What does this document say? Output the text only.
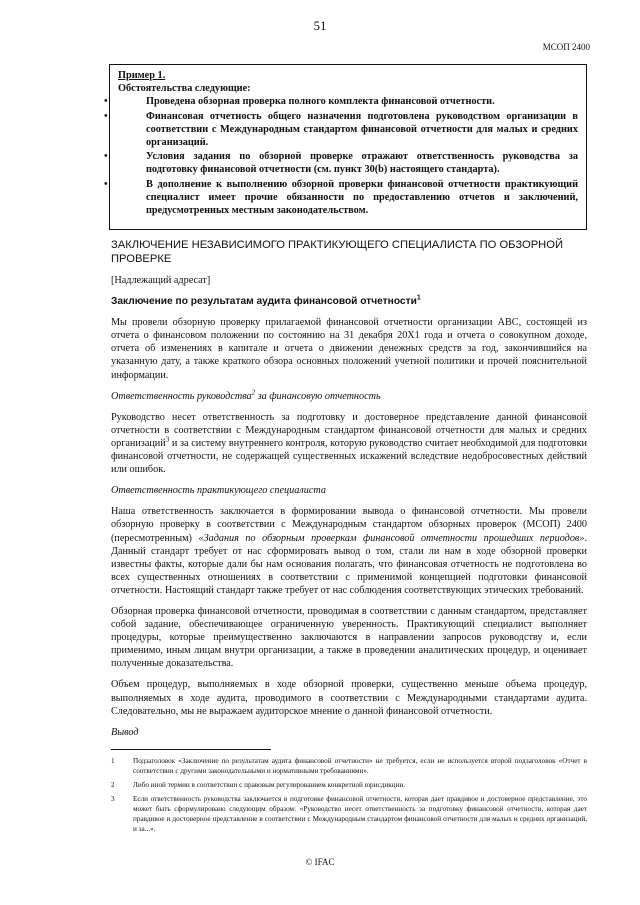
51
МСОП 2400
Пример 1.
Обстоятельства следующие:
•	Проведена обзорная проверка полного комплекта финансовой отчетности.
•	Финансовая отчетность общего назначения подготовлена руководством организации в соответствии с Международным стандартом финансовой отчетности для малых и средних организаций.
•	Условия задания по обзорной проверке отражают ответственность руководства за подготовку финансовой отчетности (см. пункт 30(b) настоящего стандарта).
•	В дополнение к выполнению обзорной проверки финансовой отчетности практикующий специалист имеет прочие обязанности по предоставлению отчетов и заключений, предусмотренных местным законодательством.
ЗАКЛЮЧЕНИЕ НЕЗАВИСИМОГО ПРАКТИКУЮЩЕГО СПЕЦИАЛИСТА ПО ОБЗОРНОЙ ПРОВЕРКЕ
[Надлежащий адресат]
Заключение по результатам аудита финансовой отчетности$^1$

Мы провели обзорную проверку прилагаемой финансовой отчетности организации ABC, состоящей из отчета о финансовом положении по состоянию на 31 декабря 20X1 года и отчета о совокупном доходе, отчета об изменениях в капитале и отчета о движении денежных средств за год, закончившийся на указанную дату, а также краткого обзора основных положений учетной политики и прочей пояснительной информации.

Ответственность руководства$^2$ за финансовую отчетность

Руководство несет ответственность за подготовку и достоверное представление данной финансовой отчетности в соответствии с Международным стандартом финансовой отчетности для малых и средних организаций$^3$ и за систему внутреннего контроля, которую руководство считает необходимой для подготовки финансовой отчетности, не содержащей существенных искажений вследствие недобросовестных действий или ошибок.

Ответственность практикующего специалиста

Наша ответственность заключается в формировании вывода о финансовой отчетности. Мы провели обзорную проверку в соответствии с Международным стандартом обзорных проверок (МСОП) 2400 (пересмотренным) «Задания по обзорным проверкам финансовой отчетности прошедших периодов». Данный стандарт требует от нас сформировать вывод о том, стали ли нам в ходе обзорной проверки известны факты, которые дали бы нам основания полагать, что финансовая отчетность не подготовлена во всех существенных отношениях в соответствии с применимой концепцией подготовки финансовой отчетности. Настоящий стандарт также требует от нас соблюдения соответствующих этических требований.

Обзорная проверка финансовой отчетности, проводимая в соответствии с данным стандартом, представляет собой задание, обеспечивающее ограниченную уверенность. Практикующий специалист выполняет процедуры, которые преимущественно заключаются в направлении запросов руководству и, если применимо, иным лицам внутри организации, а также в проведении аналитических процедур, и оценивает полученные доказательства.

Объем процедур, выполняемых в ходе обзорной проверки, существенно меньше объема процедур, выполняемых в ходе аудита, проводимого в соответствии с Международными стандартами аудита. Следовательно, мы не выражаем аудиторское мнение о данной финансовой отчетности.

Вывод
1	Подзаголовок «Заключение по результатам аудита финансовой отчетности» не требуется, если не используется второй подзаголовок «Отчет в соответствии с другими законодательными и нормативными требованиями».
2	Либо иной термин в соответствии с правовым регулированием конкретной юрисдикции.
3	Если ответственность руководства заключается в подготовке финансовой отчетности, которая дает правдивое и достоверное представление, это может быть сформулировано следующим образом: «Руководство несет ответственность за подготовку финансовой отчетности, которая дает правдивое и достоверное представление в соответствии с Международным стандартом финансовой отчетности для малых и средних организаций, и за...».
© IFAC
